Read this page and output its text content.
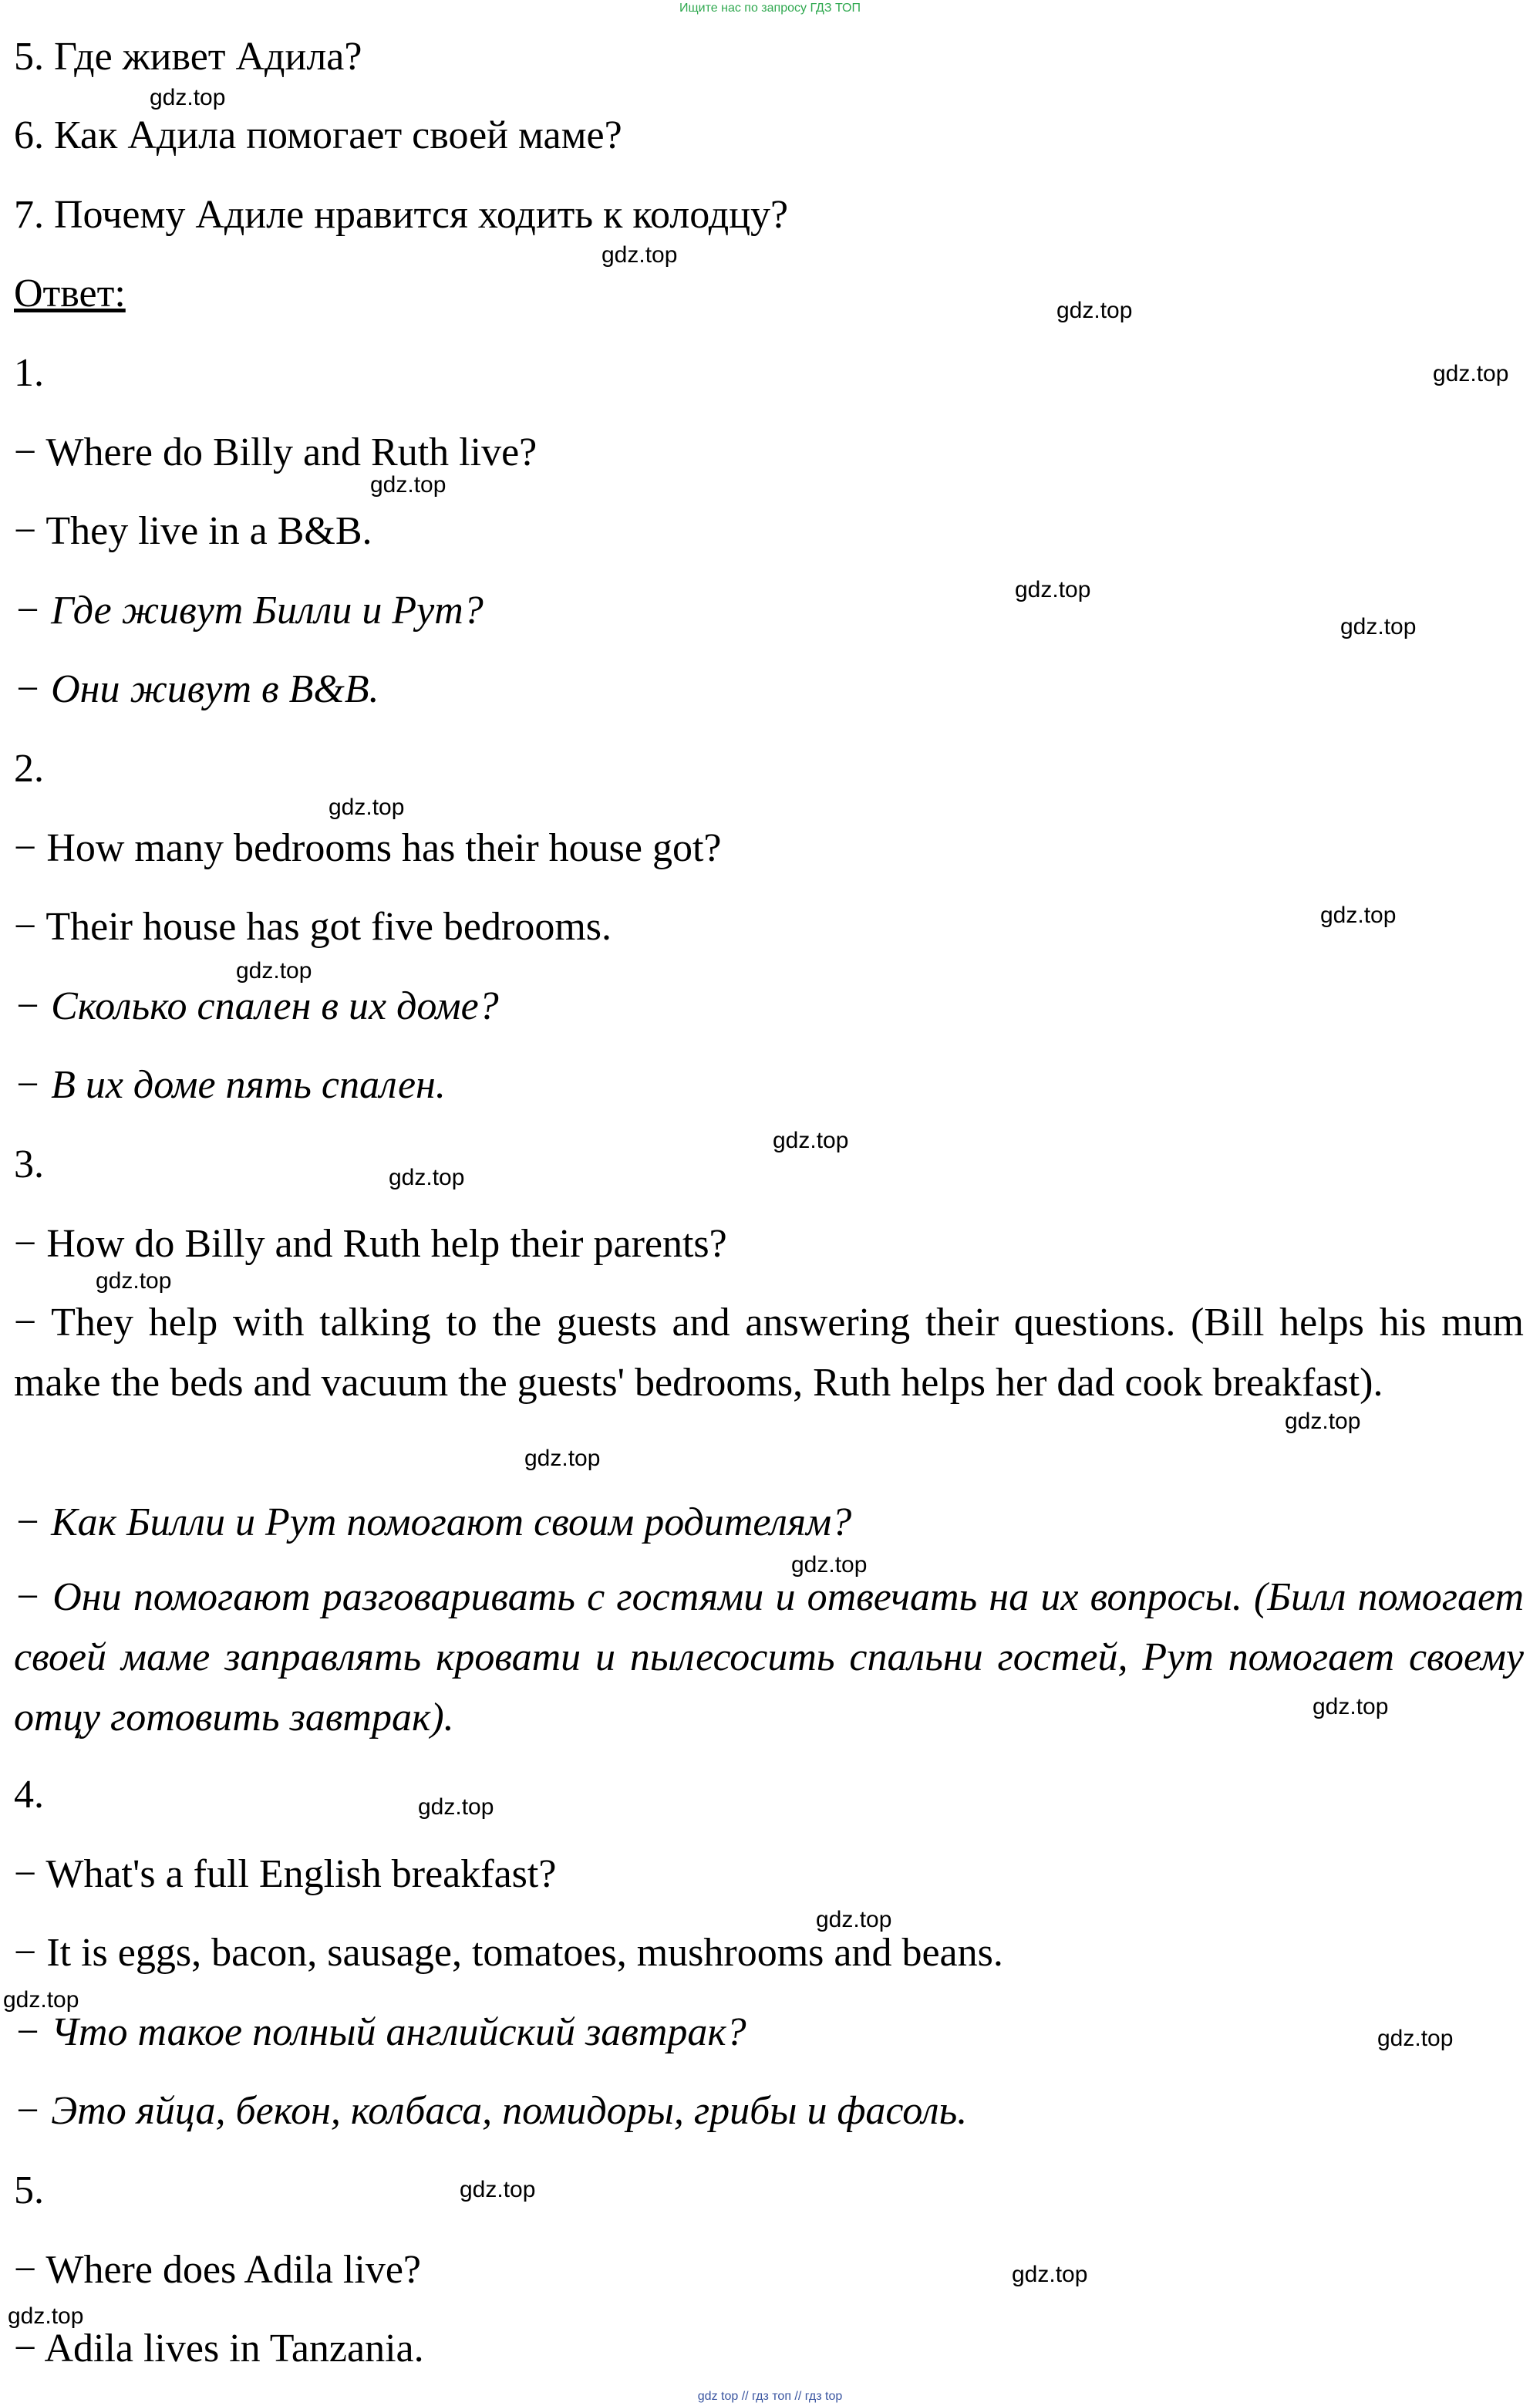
Ищите нас по запросу ГДЗ ТОП
5. Где живет Адила?
6. Как Адила помогает своей маме?
7. Почему Адиле нравится ходить к колодцу?
Ответ:
1.
− Where do Billy and Ruth live?
− They live in a B&B.
− Где живут Билли и Рут?
− Они живут в B&B.
2.
− How many bedrooms has their house got?
− Their house has got five bedrooms.
− Сколько спален в их доме?
− В их доме пять спален.
3.
− How do Billy and Ruth help their parents?
− They help with talking to the guests and answering their questions. (Bill helps his mum make the beds and vacuum the guests' bedrooms, Ruth helps her dad cook breakfast).
− Как Билли и Рут помогают своим родителям?
− Они помогают разговаривать с гостями и отвечать на их вопросы. (Билл помогает своей маме заправлять кровати и пылесосить спальни гостей, Рут помогает своему отцу готовить завтрак).
4.
− What's a full English breakfast?
− It is eggs, bacon, sausage, tomatoes, mushrooms and beans.
− Что такое полный английский завтрак?
− Это яйца, бекон, колбаса, помидоры, грибы и фасоль.
5.
− Where does Adila live?
− Adila lives in Tanzania.
gdz.top
gdz.top
gdz.top
gdz.top
gdz.top
gdz.top
gdz.top
gdz.top
gdz.top
gdz.top
gdz.top
gdz.top
gdz.top
gdz.top
gdz.top
gdz.top
gdz.top
gdz.top
gdz.top
gdz.top
gdz.top
gdz.top
gdz.top
gdz.top
gdz top // гдз топ // гдз top
